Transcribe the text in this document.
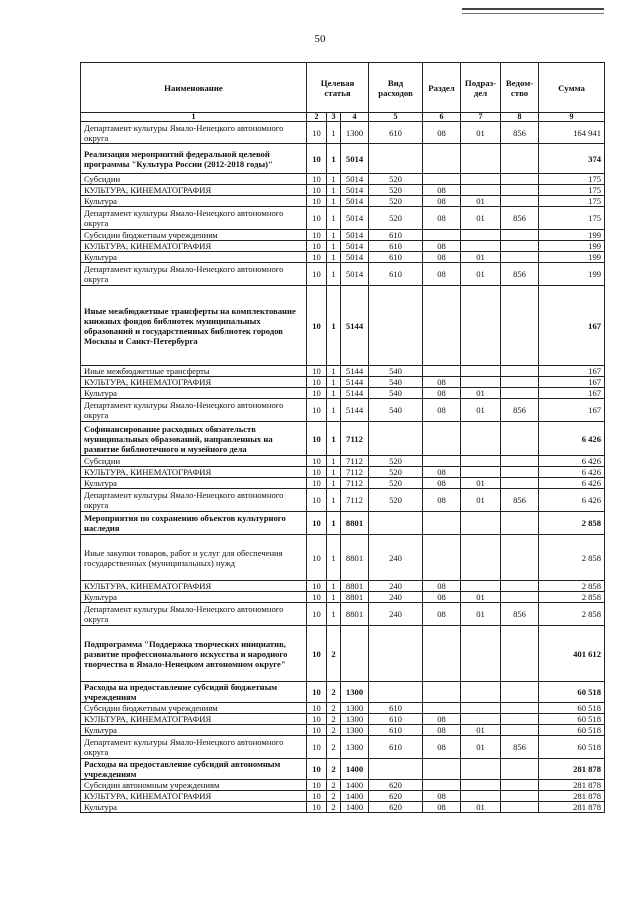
50
Наименование	Целевая статья			Вид расходов	Раздел	Подраз-дел	Ведом-ство	Сумма
1	2	3	4	5	6	7	8	9
Департамент культуры Ямало-Ненецкого автономного округа	10	1	1300	610	08	01	856	164 941
Реализация мероприятий федеральной целевой программы "Культура России (2012-2018 годы)"	10	1	5014					374
Субсидии	10	1	5014	520				175
КУЛЬТУРА, КИНЕМАТОГРАФИЯ	10	1	5014	520	08			175
Культура	10	1	5014	520	08	01		175
Департамент культуры Ямало-Ненецкого автономного округа	10	1	5014	520	08	01	856	175
Субсидии бюджетным учреждениям	10	1	5014	610				199
КУЛЬТУРА, КИНЕМАТОГРАФИЯ	10	1	5014	610	08			199
Культура	10	1	5014	610	08	01		199
Департамент культуры Ямало-Ненецкого автономного округа	10	1	5014	610	08	01	856	199
Иные межбюджетные трансферты на комплектование книжных фондов библиотек муниципальных образований и государственных библиотек городов Москвы и Санкт-Петербурга	10	1	5144					167
Иные межбюджетные трансферты	10	1	5144	540				167
КУЛЬТУРА, КИНЕМАТОГРАФИЯ	10	1	5144	540	08			167
Культура	10	1	5144	540	08	01		167
Департамент культуры Ямало-Ненецкого автономного округа	10	1	5144	540	08	01	856	167
Софинансирование расходных обязательств муниципальных образований, направленных на развитие библиотечного и музейного дела	10	1	7112					6 426
Субсидии	10	1	7112	520				6 426
КУЛЬТУРА, КИНЕМАТОГРАФИЯ	10	1	7112	520	08			6 426
Культура	10	1	7112	520	08	01		6 426
Департамент культуры Ямало-Ненецкого автономного округа	10	1	7112	520	08	01	856	6 426
Мероприятия по сохранению объектов культурного наследия	10	1	8801					2 858
Иные закупки товаров, работ и услуг для обеспечения государственных (муниципальных) нужд	10	1	8801	240				2 858
КУЛЬТУРА, КИНЕМАТОГРАФИЯ	10	1	8801	240	08			2 858
Культура	10	1	8801	240	08	01		2 858
Департамент культуры Ямало-Ненецкого автономного округа	10	1	8801	240	08	01	856	2 858
Подпрограмма "Поддержка творческих инициатив, развитие профессионального искусства и народного творчества в Ямало-Ненецком автономном округе"	10	2						401 612
Расходы на предоставление субсидий бюджетным учреждениям	10	2	1300					60 518
Субсидии бюджетным учреждениям	10	2	1300	610				60 518
КУЛЬТУРА, КИНЕМАТОГРАФИЯ	10	2	1300	610	08			60 518
Культура	10	2	1300	610	08	01		60 518
Департамент культуры Ямало-Ненецкого автономного округа	10	2	1300	610	08	01	856	60 518
Расходы на предоставление субсидий автономным учреждениям	10	2	1400					281 878
Субсидии автономным учреждениям	10	2	1400	620				281 878
КУЛЬТУРА, КИНЕМАТОГРАФИЯ	10	2	1400	620	08			281 878
Культура	10	2	1400	620	08	01		281 878
